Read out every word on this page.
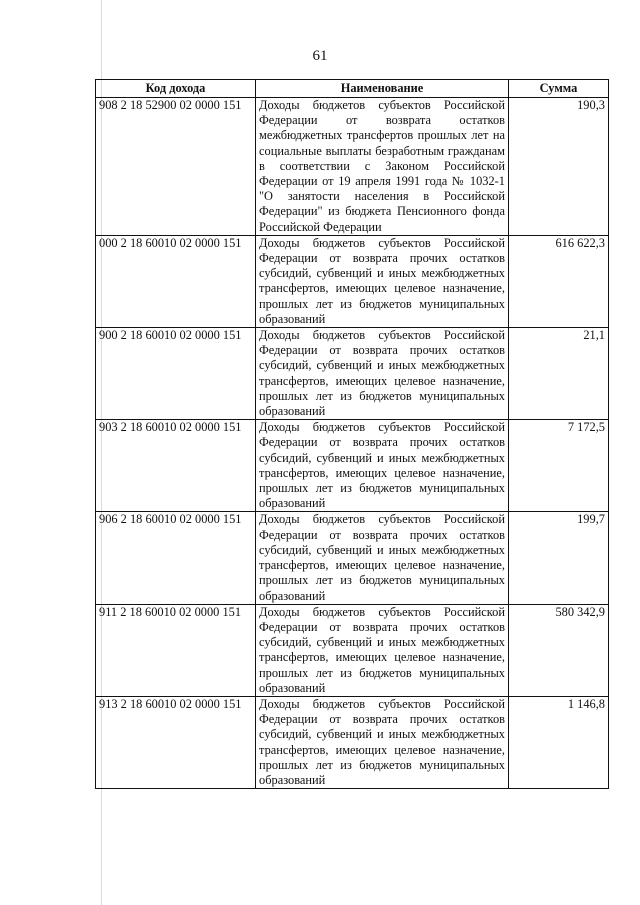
61
Код дохода	Наименование	Сумма
908 2 18 52900 02 0000 151	Доходы бюджетов субъектов Российской Федерации от возврата остатков межбюджетных трансфертов прошлых лет на социальные выплаты безработным гражданам в соответствии с Законом Российской Федерации от 19 апреля 1991 года № 1032-1 "О занятости населения в Российской Федерации" из бюджета Пенсионного фонда Российской Федерации	190,3
000 2 18 60010 02 0000 151	Доходы бюджетов субъектов Российской Федерации от возврата прочих остатков субсидий, субвенций и иных межбюджетных трансфертов, имеющих целевое назначение, прошлых лет из бюджетов муниципальных образований	616 622,3
900 2 18 60010 02 0000 151	Доходы бюджетов субъектов Российской Федерации от возврата прочих остатков субсидий, субвенций и иных межбюджетных трансфертов, имеющих целевое назначение, прошлых лет из бюджетов муниципальных образований	21,1
903 2 18 60010 02 0000 151	Доходы бюджетов субъектов Российской Федерации от возврата прочих остатков субсидий, субвенций и иных межбюджетных трансфертов, имеющих целевое назначение, прошлых лет из бюджетов муниципальных образований	7 172,5
906 2 18 60010 02 0000 151	Доходы бюджетов субъектов Российской Федерации от возврата прочих остатков субсидий, субвенций и иных межбюджетных трансфертов, имеющих целевое назначение, прошлых лет из бюджетов муниципальных образований	199,7
911 2 18 60010 02 0000 151	Доходы бюджетов субъектов Российской Федерации от возврата прочих остатков субсидий, субвенций и иных межбюджетных трансфертов, имеющих целевое назначение, прошлых лет из бюджетов муниципальных образований	580 342,9
913 2 18 60010 02 0000 151	Доходы бюджетов субъектов Российской Федерации от возврата прочих остатков субсидий, субвенций и иных межбюджетных трансфертов, имеющих целевое назначение, прошлых лет из бюджетов муниципальных образований	1 146,8
